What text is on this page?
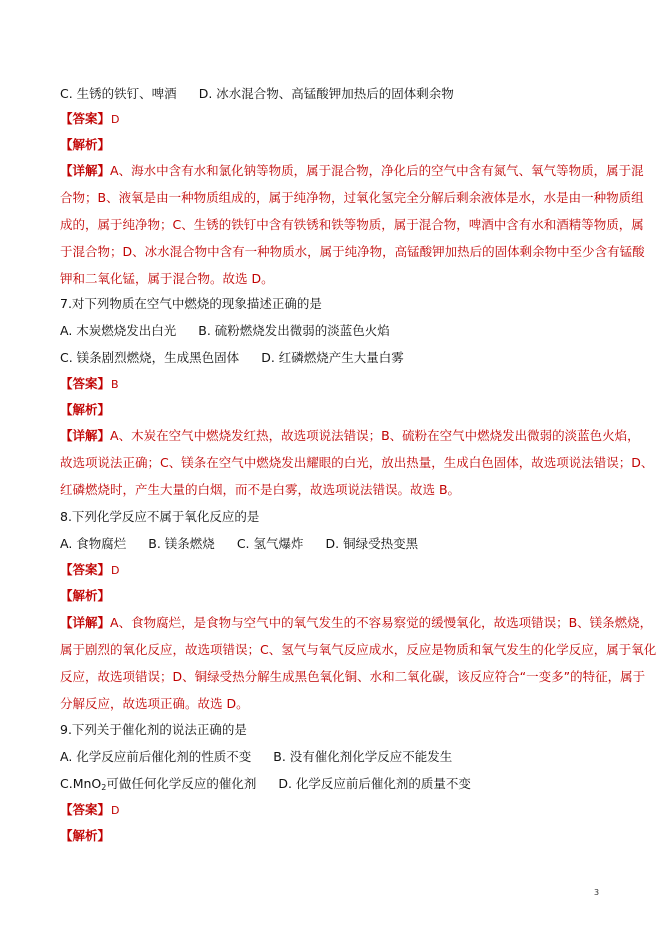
C. 生锈的铁钉、啤酒 D. 冰水混合物、高锰酸钾加热后的固体剩余物
【答案】D
【解析】
【详解】A、海水中含有水和氯化钠等物质，属于混合物，净化后的空气中含有氮气、氧气等物质，属于混
合物；B、液氧是由一种物质组成的，属于纯净物，过氧化氢完全分解后剩余液体是水，水是由一种物质组
成的，属于纯净物；C、生锈的铁钉中含有铁锈和铁等物质，属于混合物，啤酒中含有水和酒精等物质，属
于混合物；D、冰水混合物中含有一种物质水，属于纯净物，高锰酸钾加热后的固体剩余物中至少含有锰酸
钾和二氧化锰，属于混合物。故选 D。
7.对下列物质在空气中燃烧的现象描述正确的是
A. 木炭燃烧发出白光 B. 硫粉燃烧发出微弱的淡蓝色火焰
C. 镁条剧烈燃烧，生成黑色固体 D. 红磷燃烧产生大量白雾
【答案】B
【解析】
【详解】A、木炭在空气中燃烧发红热，故选项说法错误；B、硫粉在空气中燃烧发出微弱的淡蓝色火焰，
故选项说法正确；C、镁条在空气中燃烧发出耀眼的白光，放出热量，生成白色固体，故选项说法错误；D、
红磷燃烧时，产生大量的白烟，而不是白雾，故选项说法错误。故选 B。
8.下列化学反应不属于氧化反应的是
A. 食物腐烂 B. 镁条燃烧 C. 氢气爆炸 D. 铜绿受热变黑
【答案】D
【解析】
【详解】A、食物腐烂，是食物与空气中的氧气发生的不容易察觉的缓慢氧化，故选项错误；B、镁条燃烧，
属于剧烈的氧化反应，故选项错误；C、氢气与氧气反应成水，反应是物质和氧气发生的化学反应，属于氧化
反应，故选项错误；D、铜绿受热分解生成黑色氧化铜、水和二氧化碳，该反应符合“一变多”的特征，属于
分解反应，故选项正确。故选 D。
9.下列关于催化剂的说法正确的是
A. 化学反应前后催化剂的性质不变 B. 没有催化剂化学反应不能发生
C.MnO$_2$可做任何化学反应的催化剂 D. 化学反应前后催化剂的质量不变
【答案】D
【解析】
3
